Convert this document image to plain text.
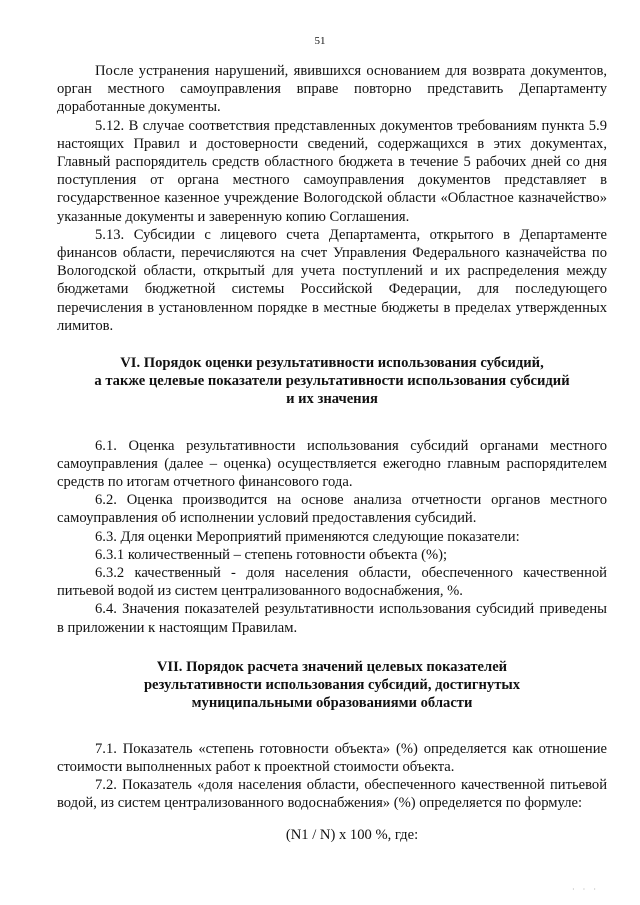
51

После устранения нарушений, явившихся основанием для возврата документов, орган местного самоуправления вправе повторно представить Департаменту доработанные документы.

5.12. В случае соответствия представленных документов требованиям пункта 5.9 настоящих Правил и достоверности сведений, содержащихся в этих документах, Главный распорядитель средств областного бюджета в течение 5 рабочих дней со дня поступления от органа местного самоуправления документов представляет в государственное казенное учреждение Вологодской области «Областное казначейство» указанные документы и заверенную копию Соглашения.

5.13. Субсидии с лицевого счета Департамента, открытого в Департаменте финансов области, перечисляются на счет Управления Федерального казначейства по Вологодской области, открытый для учета поступлений и их распределения между бюджетами бюджетной системы Российской Федерации, для последующего перечисления в установленном порядке в местные бюджеты в пределах утвержденных лимитов.

VI. Порядок оценки результативности использования субсидий,
а также целевые показатели результативности использования субсидий
и их значения

6.1. Оценка результативности использования субсидий органами местного самоуправления (далее – оценка) осуществляется ежегодно главным распорядителем средств по итогам отчетного финансового года.

6.2. Оценка производится на основе анализа отчетности органов местного самоуправления об исполнении условий предоставления субсидий.

6.3. Для оценки Мероприятий применяются следующие показатели:

6.3.1 количественный – степень готовности объекта (%);

6.3.2 качественный - доля населения области, обеспеченного качественной питьевой водой из систем централизованного водоснабжения, %.

6.4. Значения показателей результативности использования субсидий приведены в приложении к настоящим Правилам.

VII. Порядок расчета значений целевых показателей
результативности использования субсидий, достигнутых
муниципальными образованиями области

7.1. Показатель «степень готовности объекта» (%) определяется как отношение стоимости выполненных работ к проектной стоимости объекта.

7.2. Показатель «доля населения области, обеспеченного качественной питьевой водой, из систем централизованного водоснабжения» (%) определяется по формуле:

(N1 / N) х 100 %, где:

· · ·
